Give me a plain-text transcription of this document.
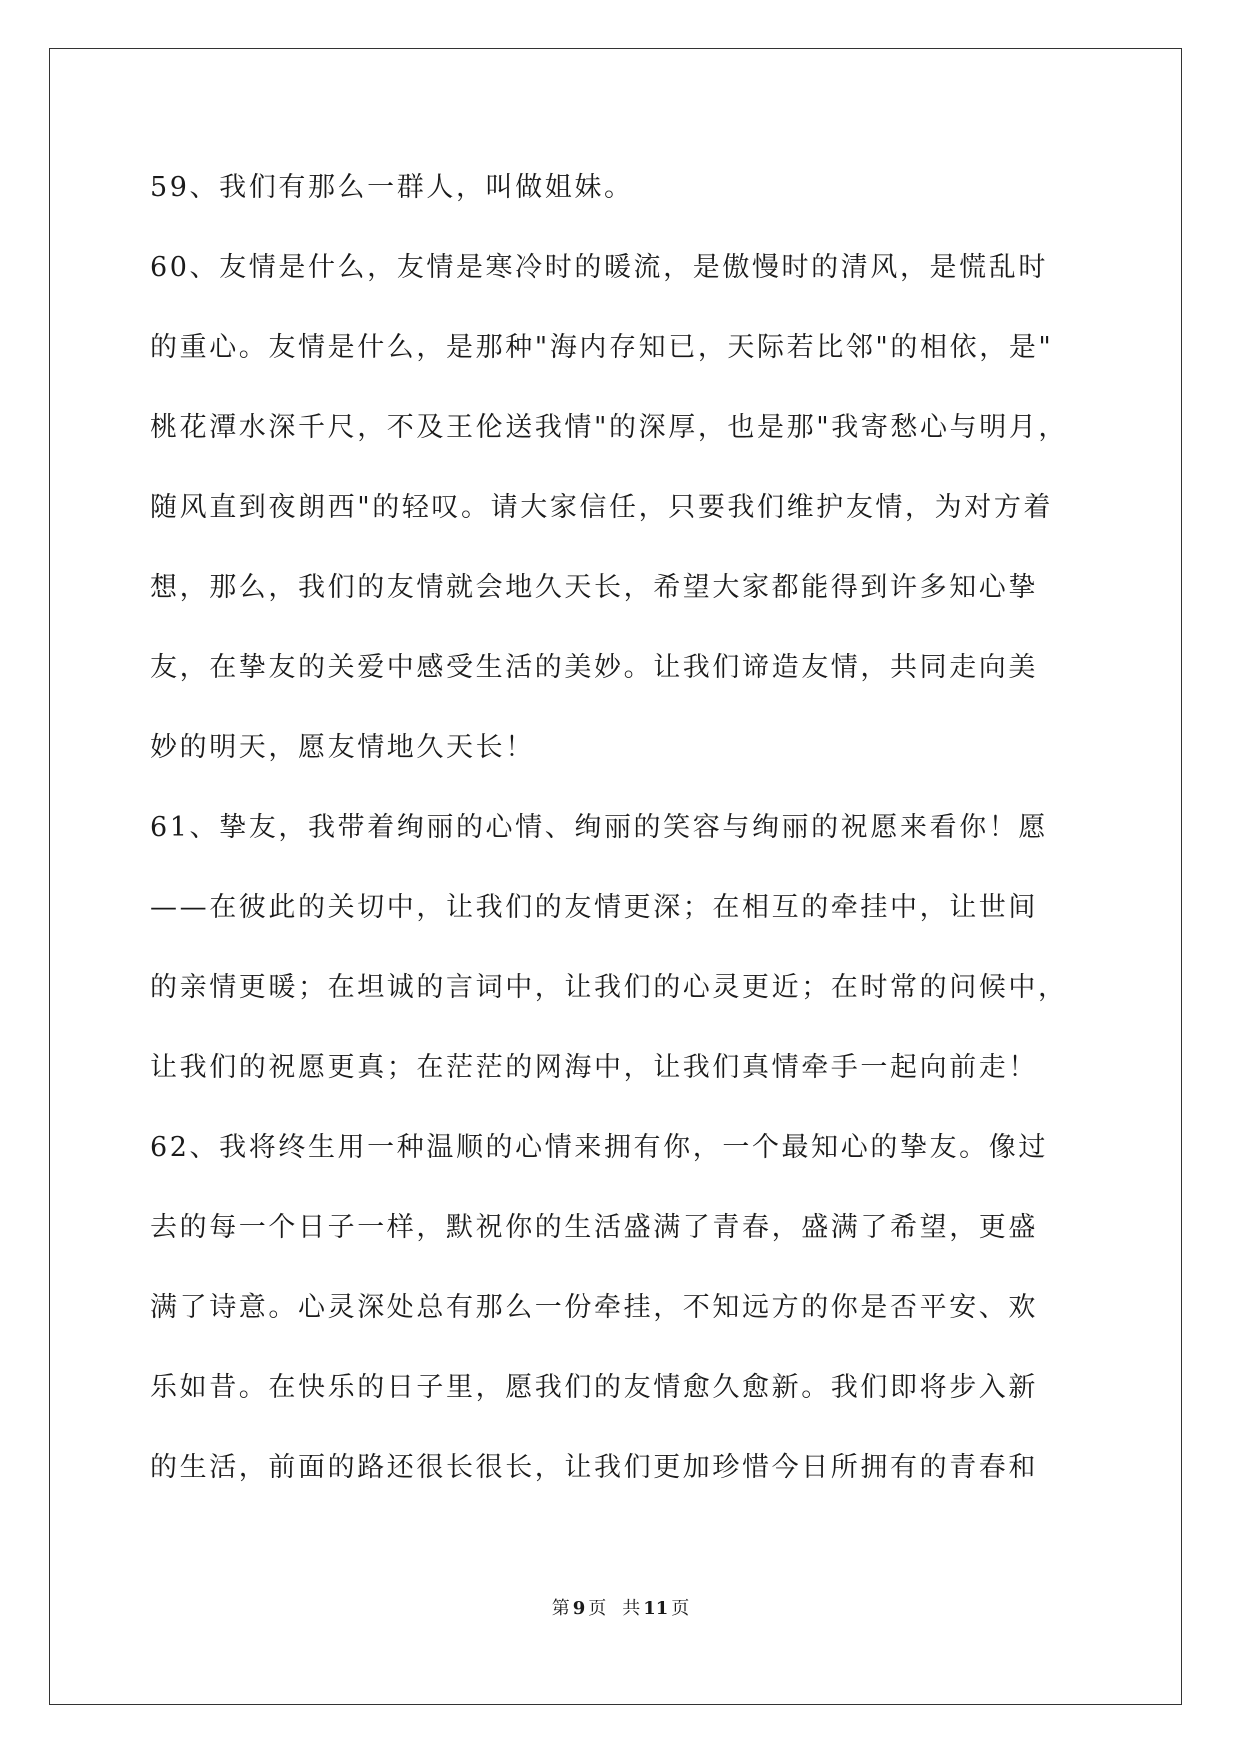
59、我们有那么一群人，叫做姐妹。

60、友情是什么，友情是寒冷时的暖流，是傲慢时的清风，是慌乱时

的重心。友情是什么，是那种"海内存知已，天际若比邻"的相依，是"

桃花潭水深千尺，不及王伦送我情"的深厚，也是那"我寄愁心与明月，

随风直到夜朗西"的轻叹。请大家信任，只要我们维护友情，为对方着

想，那么，我们的友情就会地久天长，希望大家都能得到许多知心挚

友，在挚友的关爱中感受生活的美妙。让我们谛造友情，共同走向美

妙的明天，愿友情地久天长！

61、挚友，我带着绚丽的心情、绚丽的笑容与绚丽的祝愿来看你！愿

——在彼此的关切中，让我们的友情更深；在相互的牵挂中，让世间

的亲情更暖；在坦诚的言词中，让我们的心灵更近；在时常的问候中，

让我们的祝愿更真；在茫茫的网海中，让我们真情牵手一起向前走！

62、我将终生用一种温顺的心情来拥有你，一个最知心的挚友。像过

去的每一个日子一样，默祝你的生活盛满了青春，盛满了希望，更盛

满了诗意。心灵深处总有那么一份牵挂，不知远方的你是否平安、欢

乐如昔。在快乐的日子里，愿我们的友情愈久愈新。我们即将步入新

的生活，前面的路还很长很长，让我们更加珍惜今日所拥有的青春和

第 9 页 共 11 页
